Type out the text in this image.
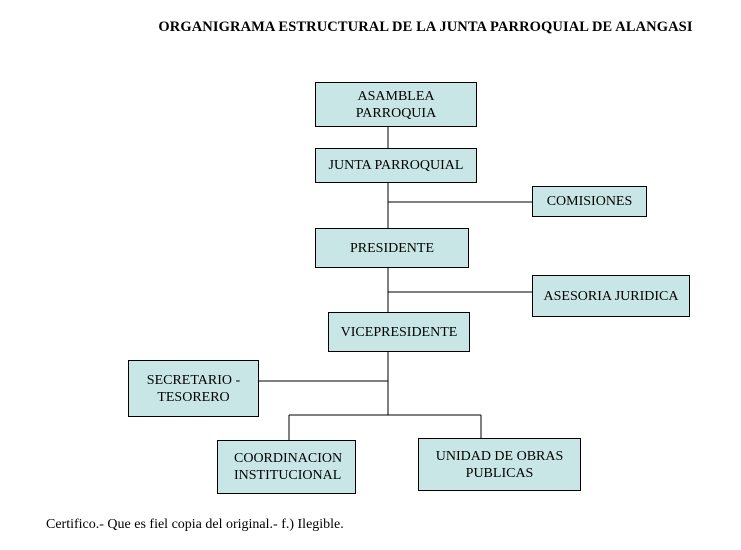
ORGANIGRAMA ESTRUCTURAL DE LA JUNTA PARROQUIAL DE ALANGASI
ASAMBLEA
PARROQUIA
JUNTA PARROQUIAL
COMISIONES
PRESIDENTE
ASESORIA JURIDICA
VICEPRESIDENTE
SECRETARIO -
TESORERO
COORDINACION
INSTITUCIONAL
UNIDAD DE OBRAS
PUBLICAS
Certifico.- Que es fiel copia del original.- f.) Ilegible.
